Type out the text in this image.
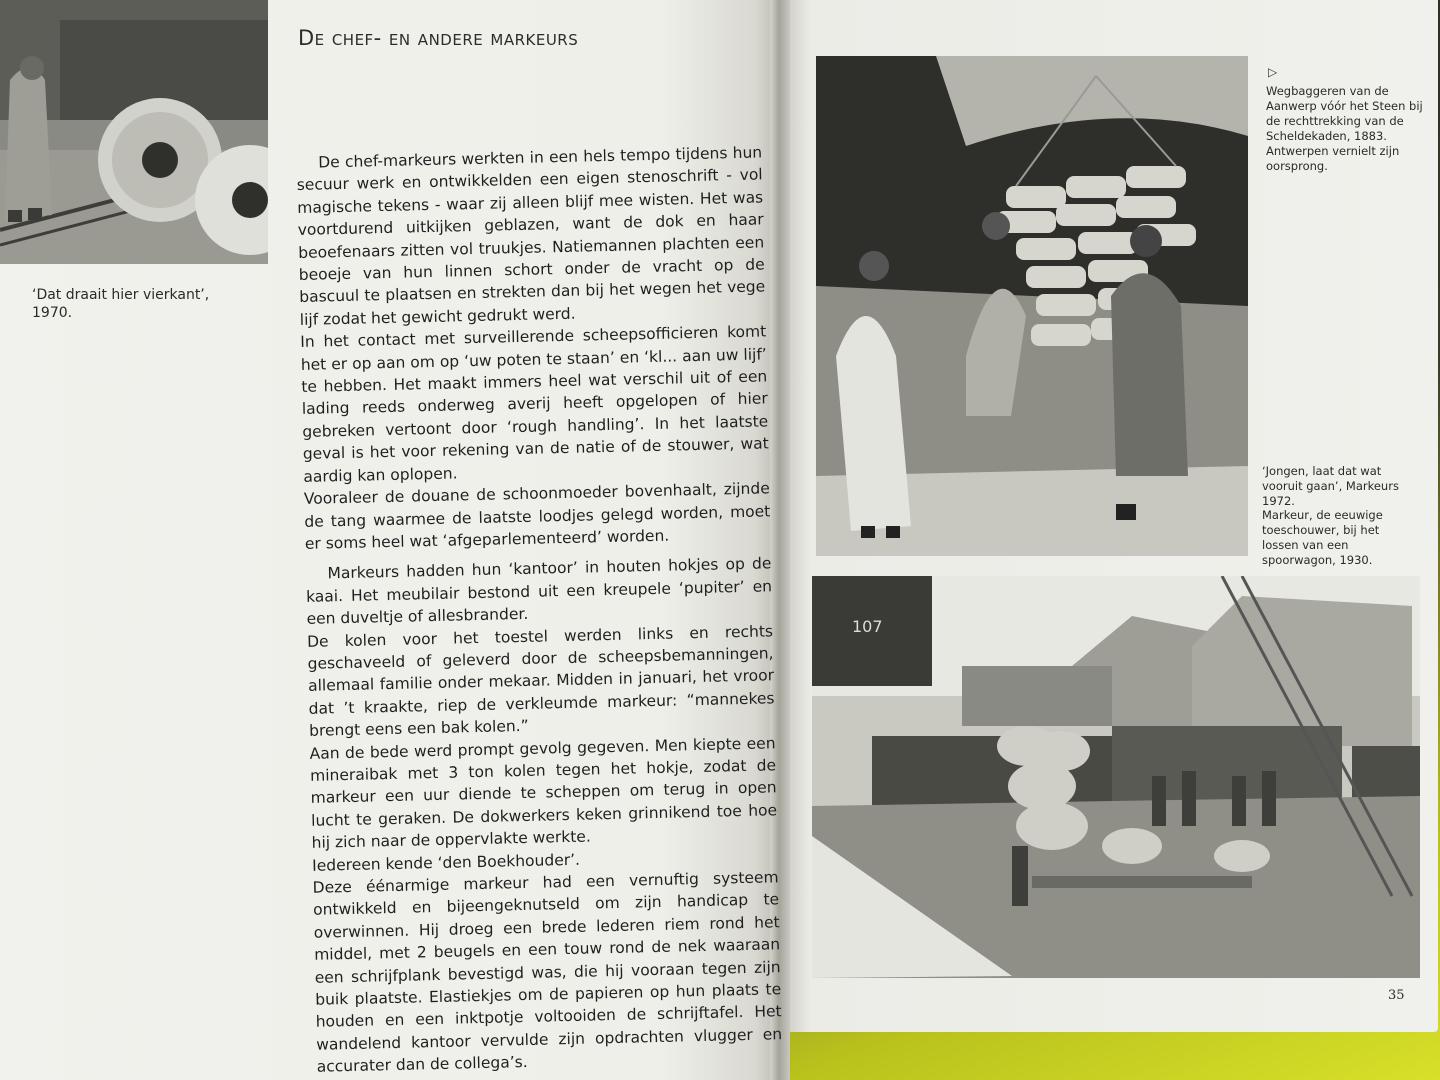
‘Dat draait hier vierkant’, 1970.
De chef- en andere markeurs

De chef-markeurs werkten in een hels tempo tijdens hun secuur werk en ontwikkelden een eigen stenoschrift - vol magische tekens - waar zij alleen blijf mee wisten. Het was voortdurend uitkijken geblazen, want de dok en haar beoefenaars zitten vol truukjes. Natiemannen plachten een beoeje van hun linnen schort onder de vracht op de bascuul te plaatsen en strekten dan bij het wegen het vege lijf zodat het gewicht gedrukt werd.

In het contact met surveillerende scheepsofficieren komt het er op aan om op ‘uw poten te staan’ en ‘kl... aan uw lijf’ te hebben. Het maakt immers heel wat verschil uit of een lading reeds onderweg averij heeft opgelopen of hier gebreken vertoont door ‘rough handling’. In het laatste geval is het voor rekening van de natie of de stouwer, wat aardig kan oplopen.

Vooraleer de douane de schoonmoeder bovenhaalt, zijnde de tang waarmee de laatste loodjes gelegd worden, moet er soms heel wat ‘afgeparlementeerd’ worden.

Markeurs hadden hun ‘kantoor’ in houten hokjes op de kaai. Het meubilair bestond uit een kreupele ‘pupiter’ en een duveltje of allesbrander.

De kolen voor het toestel werden links en rechts geschaveeld of geleverd door de scheepsbemanningen, allemaal familie onder mekaar. Midden in januari, het vroor dat ’t kraakte, riep de verkleumde markeur: “mannekes brengt eens een bak kolen.”

Aan de bede werd prompt gevolg gegeven. Men kiepte een mineraibak met 3 ton kolen tegen het hokje, zodat de markeur een uur diende te scheppen om terug in open lucht te geraken. De dokwerkers keken grinnikend toe hoe hij zich naar de oppervlakte werkte.

Iedereen kende ‘den Boekhouder’.

Deze éénarmige markeur had een vernuftig systeem ontwikkeld en bijeengeknutseld om zijn handicap te overwinnen. Hij droeg een brede lederen riem rond het middel, met 2 beugels en een touw rond de nek waaraan een schrijfplank bevestigd was, die hij vooraan tegen zijn buik plaatste. Elastiekjes om de papieren op hun plaats te houden en een inktpotje voltooiden de schrijftafel. Het wandelend kantoor vervulde zijn opdrachten vlugger en accurater dan de collega’s.

▷
Wegbaggeren van de Aanwerp vóór het Steen bij de rechttrekking van de Scheldekaden, 1883. Antwerpen vernielt zijn oorsprong.
‘Jongen, laat dat wat vooruit gaan’, Markeurs 1972.
Markeur, de eeuwige toeschouwer, bij het lossen van een spoorwagon, 1930.
107
35
